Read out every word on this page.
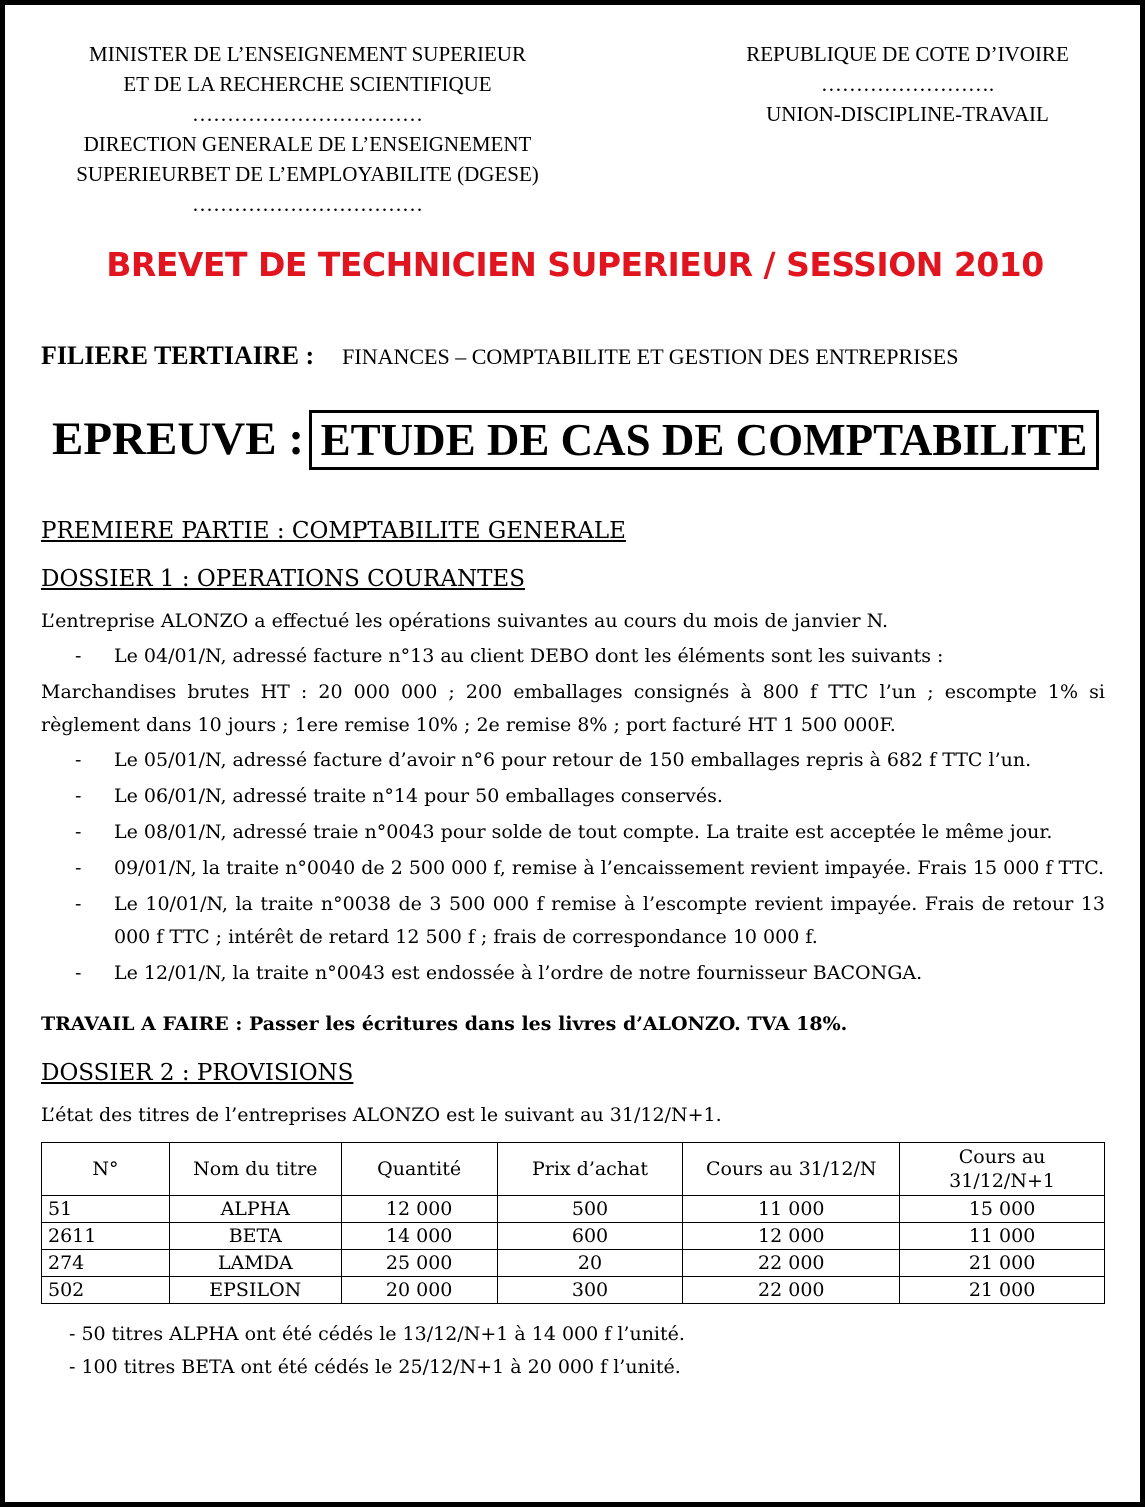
MINISTER DE L’ENSEIGNEMENT SUPERIEUR
ET DE LA RECHERCHE SCIENTIFIQUE
……………………………
DIRECTION GENERALE DE L’ENSEIGNEMENT
SUPERIEURBET DE L’EMPLOYABILITE (DGESE)
……………………………
REPUBLIQUE DE COTE D’IVOIRE
…………………….
UNION-DISCIPLINE-TRAVAIL
BREVET DE TECHNICIEN SUPERIEUR / SESSION 2010
FILIERE TERTIAIRE : FINANCES – COMPTABILITE ET GESTION DES ENTREPRISES
EPREUVE : ETUDE DE CAS DE COMPTABILITE
PREMIERE PARTIE : COMPTABILITE GENERALE
DOSSIER 1 : OPERATIONS COURANTES

L’entreprise ALONZO a effectué les opérations suivantes au cours du mois de janvier N.

- Le 04/01/N, adressé facture n°13 au client DEBO dont les éléments sont les suivants :

Marchandises brutes HT : 20 000 000 ; 200 emballages consignés à 800 f TTC l’un ; escompte 1% si

règlement dans 10 jours ; 1ere remise 10% ; 2e remise 8% ; port facturé HT 1 500 000F.

- Le 05/01/N, adressé facture d’avoir n°6 pour retour de 150 emballages repris à 682 f TTC l’un.
- Le 06/01/N, adressé traite n°14 pour 50 emballages conservés.
- Le 08/01/N, adressé traie n°0043 pour solde de tout compte. La traite est acceptée le même jour.
- 09/01/N, la traite n°0040 de 2 500 000 f, remise à l’encaissement revient impayée. Frais 15 000 f TTC.
- Le 10/01/N, la traite n°0038 de 3 500 000 f remise à l’escompte revient impayée. Frais de retour 13 000 f TTC ; intérêt de retard 12 500 f ; frais de correspondance 10 000 f.
- Le 12/01/N, la traite n°0043 est endossée à l’ordre de notre fournisseur BACONGA.

TRAVAIL A FAIRE : Passer les écritures dans les livres d’ALONZO. TVA 18%.

DOSSIER 2 : PROVISIONS

L’état des titres de l’entreprises ALONZO est le suivant au 31/12/N+1.

N°	Nom du titre	Quantité	Prix d’achat	Cours au 31/12/N	Cours au 31/12/N+1
51	ALPHA	12 000	500	11 000	15 000
2611	BETA	14 000	600	12 000	11 000
274	LAMDA	25 000	20	22 000	21 000
502	EPSILON	20 000	300	22 000	21 000

- 50 titres ALPHA ont été cédés le 13/12/N+1 à 14 000 f l’unité.

- 100 titres BETA ont été cédés le 25/12/N+1 à 20 000 f l’unité.
